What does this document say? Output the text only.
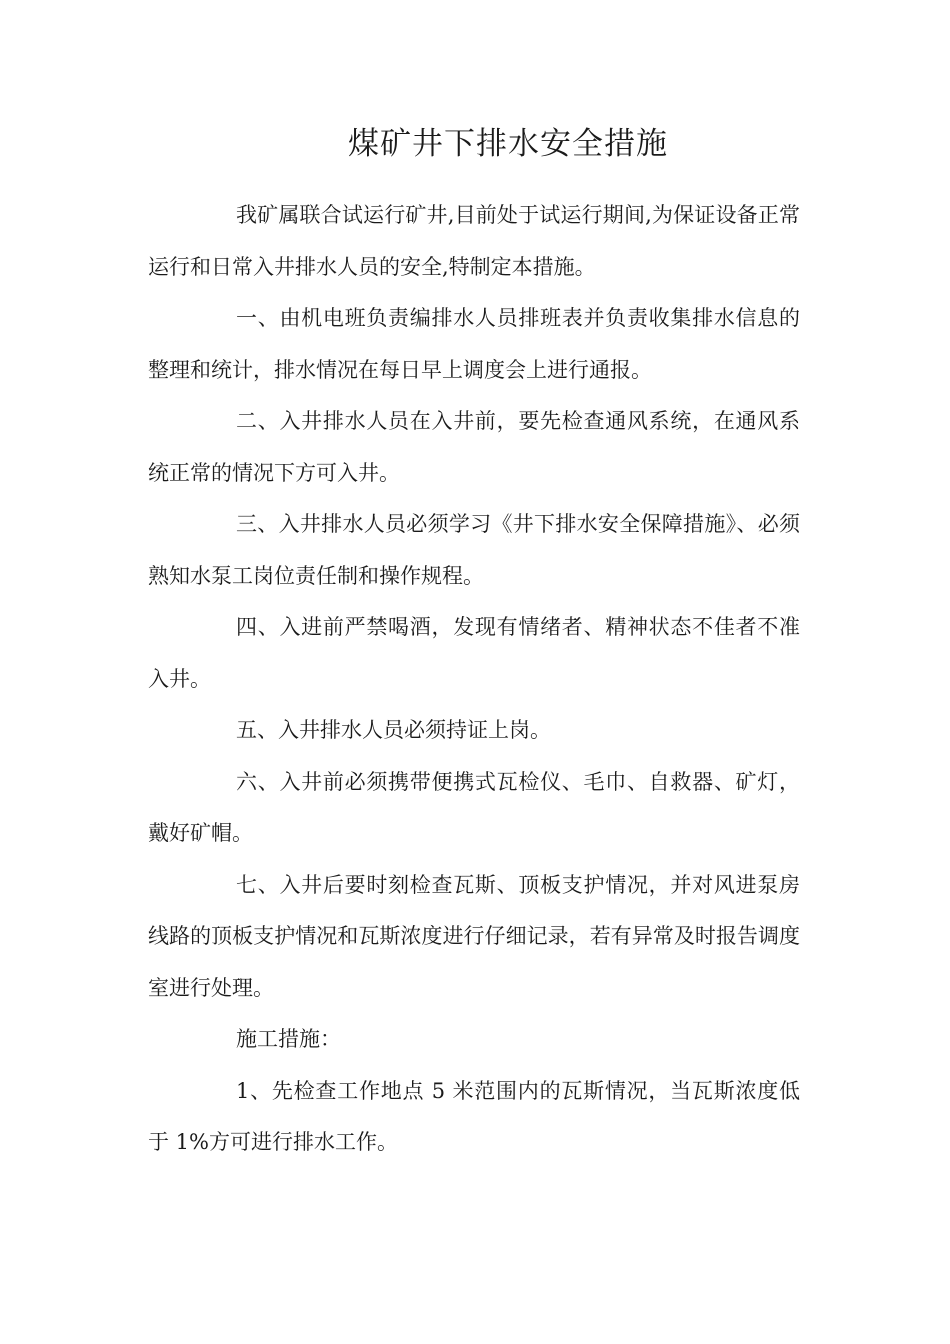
煤矿井下排水安全措施

我矿属联合试运行矿井,目前处于试运行期间,为保证设备正常运行和日常入井排水人员的安全,特制定本措施。

一、由机电班负责编排水人员排班表并负责收集排水信息的整理和统计，排水情况在每日早上调度会上进行通报。

二、入井排水人员在入井前，要先检查通风系统，在通风系统正常的情况下方可入井。

三、入井排水人员必须学习《井下排水安全保障措施》、必须熟知水泵工岗位责任制和操作规程。

四、入进前严禁喝酒，发现有情绪者、精神状态不佳者不准入井。

五、入井排水人员必须持证上岗。

六、入井前必须携带便携式瓦检仪、毛巾、自救器、矿灯，戴好矿帽。

七、入井后要时刻检查瓦斯、顶板支护情况，并对风进泵房线路的顶板支护情况和瓦斯浓度进行仔细记录，若有异常及时报告调度室进行处理。

施工措施：

1、先检查工作地点 5 米范围内的瓦斯情况，当瓦斯浓度低于 1%方可进行排水工作。
